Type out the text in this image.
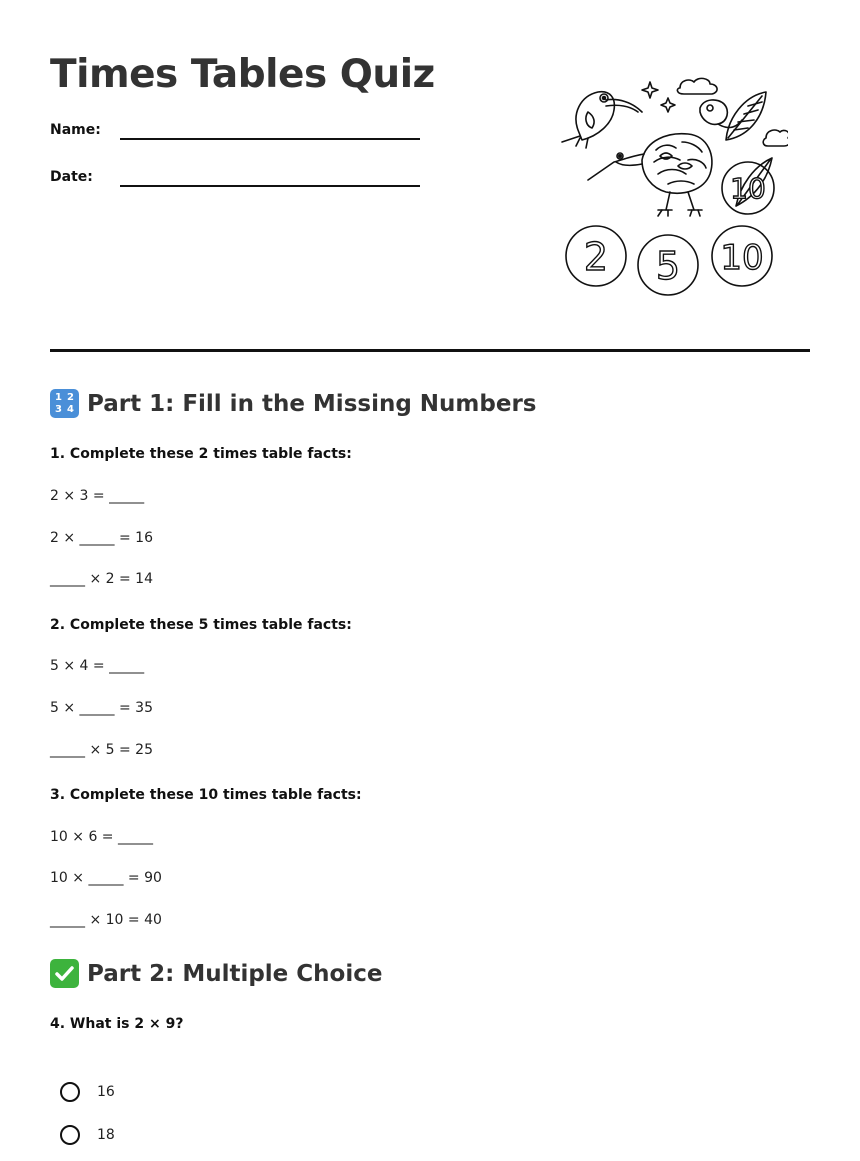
Times Tables Quiz
Name:
Date:	10
2 5 10
1 2
3 4 Part 1: Fill in the Missing Numbers

1. Complete these 2 times table facts:

2 × 3 = _____
2 × _____ = 16
_____ × 2 = 14

2. Complete these 5 times table facts:

5 × 4 = _____
5 × _____ = 35
_____ × 5 = 25

3. Complete these 10 times table facts:

10 × 6 = _____
10 × _____ = 90
_____ × 10 = 40
Part 2: Multiple Choice

4. What is 2 × 9?

16
18
